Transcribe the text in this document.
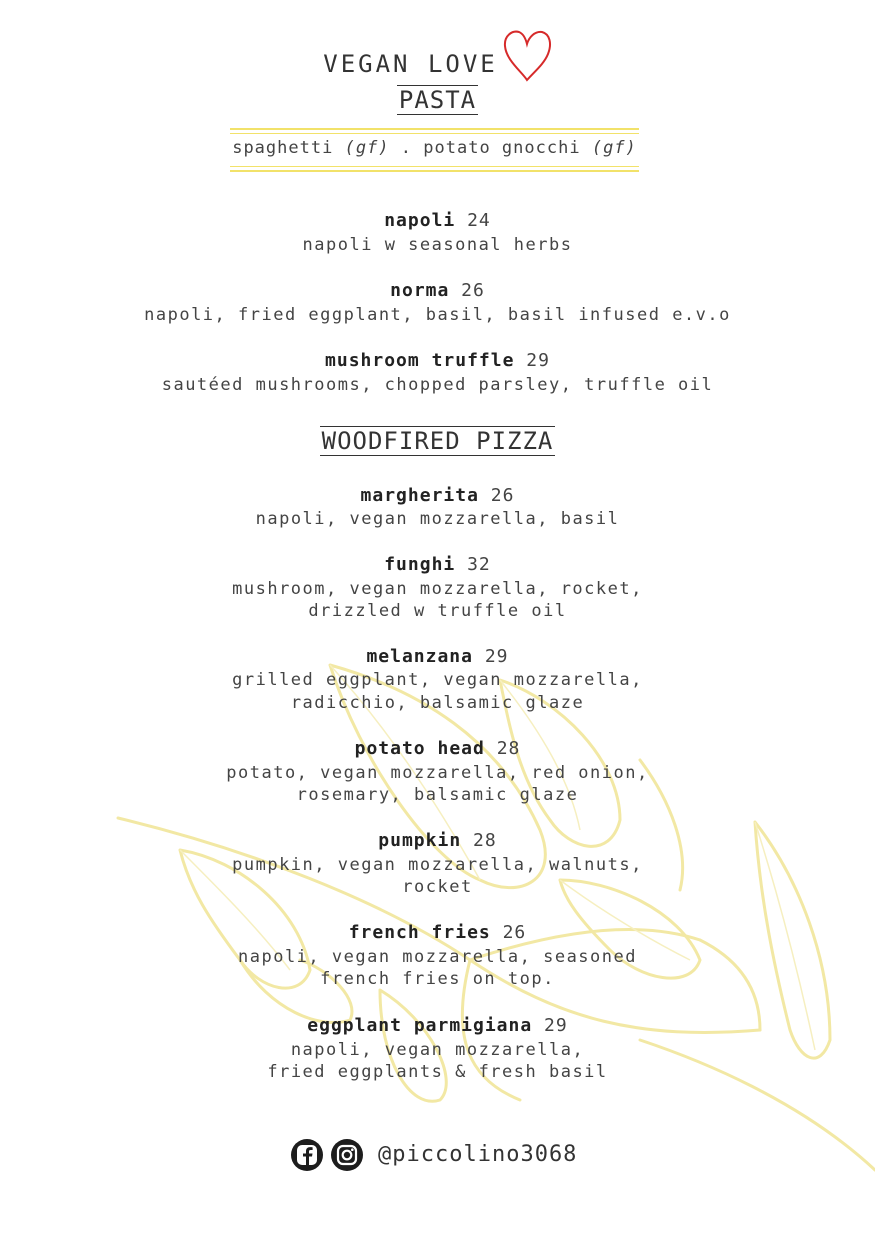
VEGAN LOVE
PASTA
spaghetti (gf) . potato gnocchi (gf)
napoli 24
napoli w seasonal herbs
norma 26
napoli, fried eggplant, basil, basil infused e.v.o
mushroom truffle 29
sautéed mushrooms, chopped parsley, truffle oil
WOODFIRED PIZZA
margherita 26
napoli, vegan mozzarella, basil
funghi 32
mushroom, vegan mozzarella, rocket,
drizzled w truffle oil
melanzana 29
grilled eggplant, vegan mozzarella,
radicchio, balsamic glaze
potato head 28
potato, vegan mozzarella, red onion,
rosemary, balsamic glaze
pumpkin 28
pumpkin, vegan mozzarella, walnuts,
rocket
french fries 26
napoli, vegan mozzarella, seasoned
french fries on top.
eggplant parmigiana 29
napoli, vegan mozzarella,
fried eggplants & fresh basil
@piccolino3068
